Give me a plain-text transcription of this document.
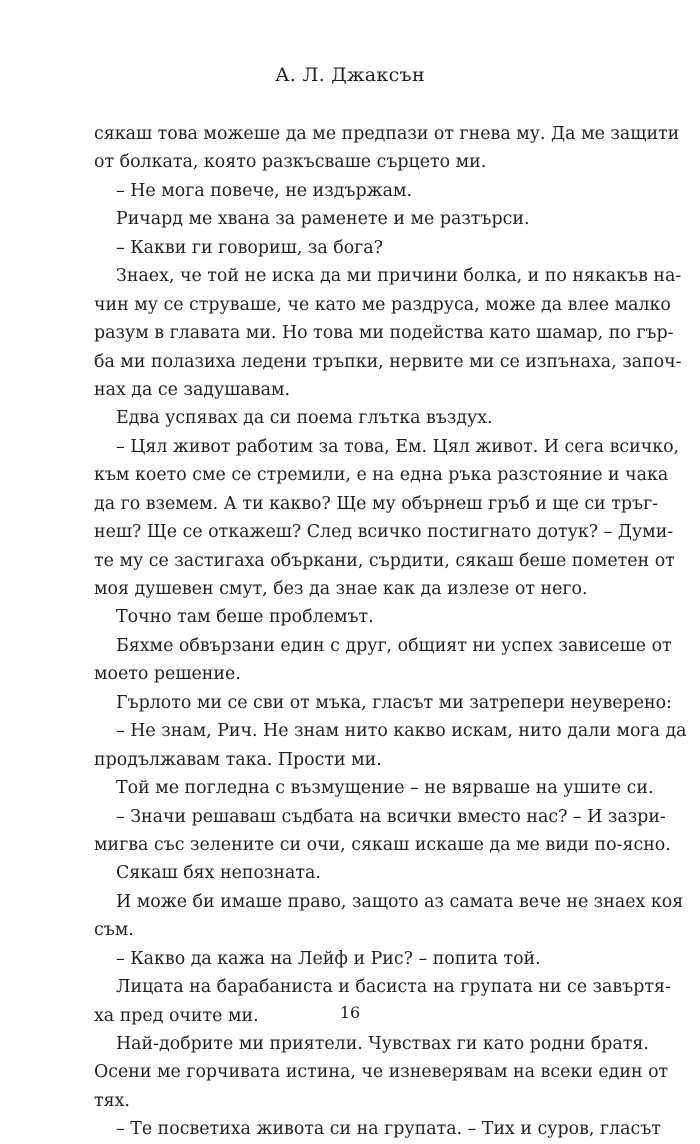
А. Л. Джаксън
сякаш това можеше да ме предпази от гнева му. Да ме защити
от болката, която разкъсваше сърцето ми.
– Не мога повече, не издържам.
Ричард ме хвана за раменете и ме разтърси.
– Какви ги говориш, за бога?
Знаех, че той не иска да ми причини болка, и по някакъв на-
чин му се струваше, че като ме раздруса, може да влее малко
разум в главата ми. Но това ми подейства като шамар, по гър-
ба ми полазиха ледени тръпки, нервите ми се изпънаха, започ-
нах да се задушавам.
Едва успявах да си поема глътка въздух.
– Цял живот работим за това, Ем. Цял живот. И сега всичко,
към което сме се стремили, е на една ръка разстояние и чака
да го вземем. А ти какво? Ще му обърнеш гръб и ще си тръг-
неш? Ще се откажеш? След всичко постигнато дотук? – Думи-
те му се застигаха объркани, сърдити, сякаш беше пометен от
моя душевен смут, без да знае как да излезе от него.
Точно там беше проблемът.
Бяхме обвързани един с друг, общият ни успех зависеше от
моето решение.
Гърлото ми се сви от мъка, гласът ми затрепери неуверено:
– Не знам, Рич. Не знам нито какво искам, нито дали мога да
продължавам така. Прости ми.
Той ме погледна с възмущение – не вярваше на ушите си.
– Значи решаваш съдбата на всички вместо нас? – И зазри-
мигва със зелените си очи, сякаш искаше да ме види по-ясно.
Сякаш бях непозната.
И може би имаше право, защото аз самата вече не знаех коя
съм.
– Какво да кажа на Лейф и Рис? – попита той.
Лицата на барабаниста и басиста на групата ни се завъртя-
ха пред очите ми.
Най-добрите ми приятели. Чувствах ги като родни братя.
Осени ме горчивата истина, че изневерявам на всеки един от
тях.
– Те посветиха живота си на групата. – Тих и суров, гласът
16
